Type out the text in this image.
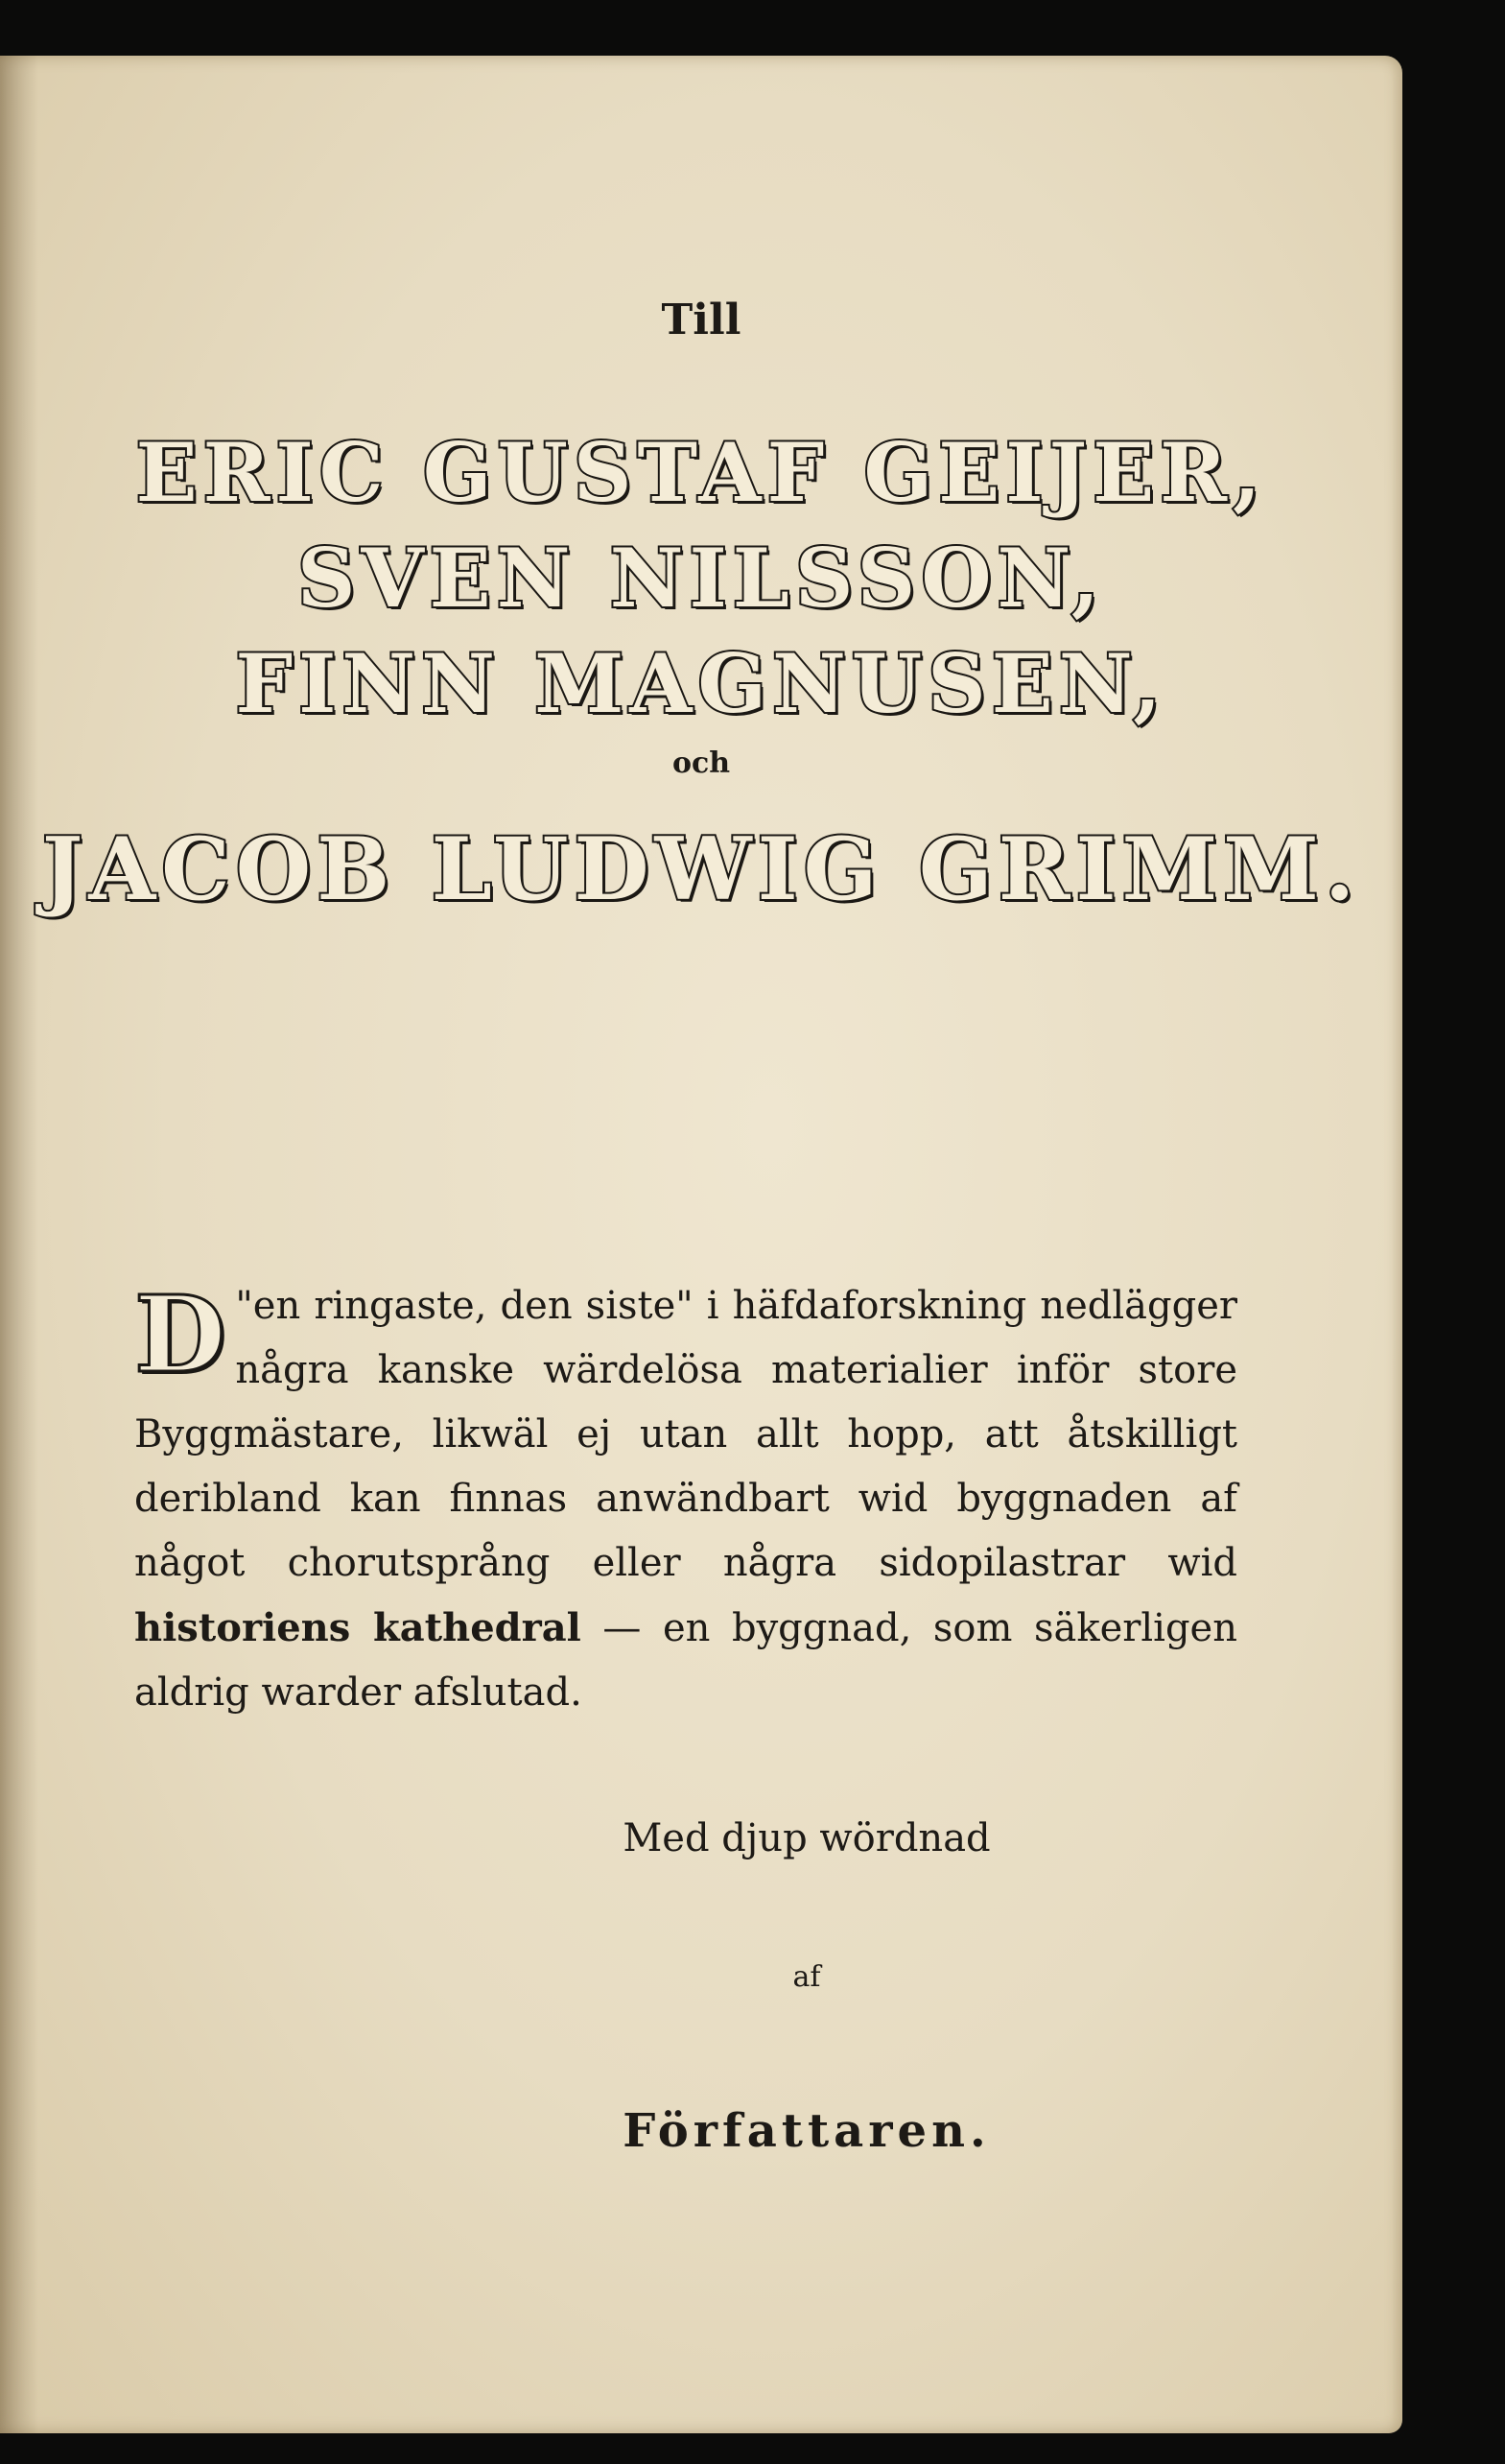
Till
ERIC GUSTAF GEIJER,
SVEN NILSSON,
FINN MAGNUSEN,
och
JACOB LUDWIG GRIMM.
"
D en ringaste, den siste" i häfdaforskning nedlägger några kanske wärdelösa materialier inför store Byggmästare, likwäl ej utan allt hopp, att åtskilligt deribland kan finnas anwändbart wid byggnaden af något chorutsprång eller några sidopilastrar wid historiens kathedral — en byggnad, som säkerligen aldrig warder afslutad.
Med djup wördnad
af
Författaren.
